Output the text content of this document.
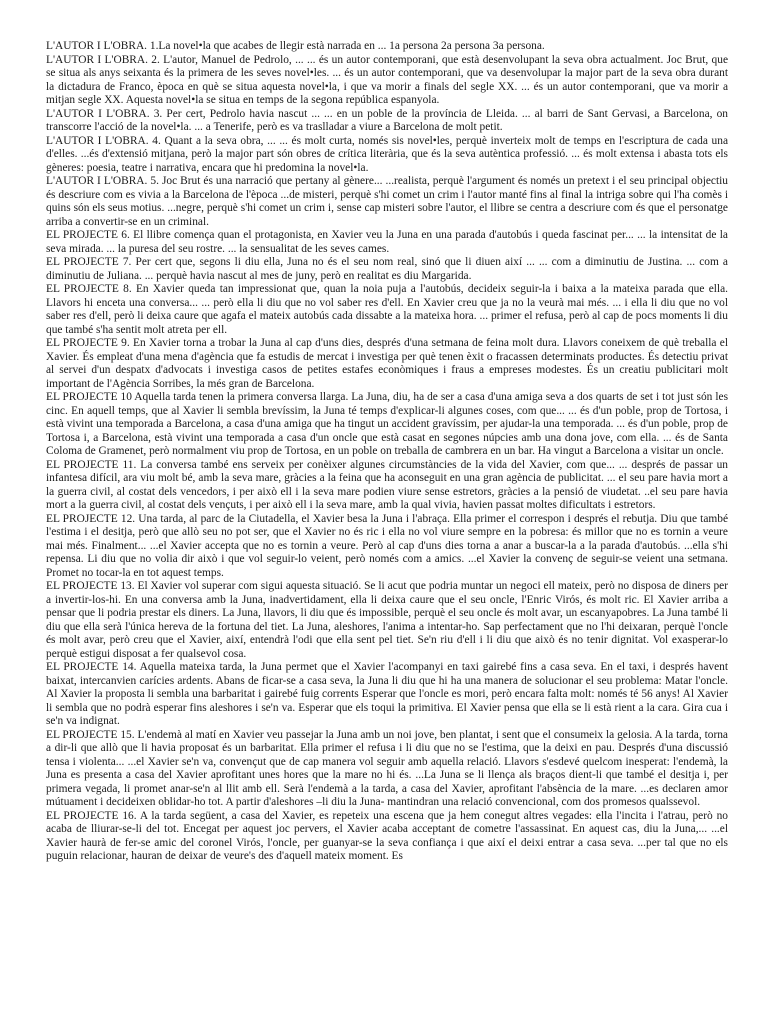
L'AUTOR I L'OBRA. 1.La novel•la que acabes de llegir està narrada en ... 1a persona 2a persona 3a persona.

L'AUTOR I L'OBRA. 2. L'autor, Manuel de Pedrolo, ... ... és un autor contemporani, que està desenvolupant la seva obra actualment. Joc Brut, que se situa als anys seixanta és la primera de les seves novel•les. ... és un autor contemporani, que va desenvolupar la major part de la seva obra durant la dictadura de Franco, època en què se situa aquesta novel•la, i que va morir a finals del segle XX. ... és un autor contemporani, que va morir a mitjan segle XX. Aquesta novel•la se situa en temps de la segona república espanyola.

L'AUTOR I L'OBRA. 3. Per cert, Pedrolo havia nascut ... ... en un poble de la província de Lleida. ... al barri de Sant Gervasi, a Barcelona, on transcorre l'acció de la novel•la. ... a Tenerife, però es va traslladar a viure a Barcelona de molt petit.

L'AUTOR I L'OBRA. 4. Quant a la seva obra, ... ... és molt curta, només sis novel•les, perquè inverteix molt de temps en l'escriptura de cada una d'elles. ...és d'extensió mitjana, però la major part són obres de crítica literària, que és la seva autèntica professió. ... és molt extensa i abasta tots els gèneres: poesia, teatre i narrativa, encara que hi predomina la novel•la.

L'AUTOR I L'OBRA. 5. Joc Brut és una narració que pertany al gènere... ...realista, perquè l'argument és només un pretext i el seu principal objectiu és descriure com es vivia a la Barcelona de l'època ...de misteri, perquè s'hi comet un crim i l'autor manté fins al final la intriga sobre qui l'ha comès i quins són els seus motius. ...negre, perquè s'hi comet un crim i, sense cap misteri sobre l'autor, el llibre se centra a descriure com és que el personatge arriba a convertir-se en un criminal.

EL PROJECTE 6. El llibre comença quan el protagonista, en Xavier veu la Juna en una parada d'autobús i queda fascinat per... ... la intensitat de la seva mirada. ... la puresa del seu rostre. ... la sensualitat de les seves cames.

EL PROJECTE 7. Per cert que, segons li diu ella, Juna no és el seu nom real, sinó que li diuen així ... ... com a diminutiu de Justina. ... com a diminutiu de Juliana. ... perquè havia nascut al mes de juny, però en realitat es diu Margarida.

EL PROJECTE 8. En Xavier queda tan impressionat que, quan la noia puja a l'autobús, decideix seguir-la i baixa a la mateixa parada que ella. Llavors hi enceta una conversa... ... però ella li diu que no vol saber res d'ell. En Xavier creu que ja no la veurà mai més. ... i ella li diu que no vol saber res d'ell, però li deixa caure que agafa el mateix autobús cada dissabte a la mateixa hora. ... primer el refusa, però al cap de pocs moments li diu que també s'ha sentit molt atreta per ell.

EL PROJECTE 9. En Xavier torna a trobar la Juna al cap d'uns dies, després d'una setmana de feina molt dura. Llavors coneixem de què treballa el Xavier. És empleat d'una mena d'agència que fa estudis de mercat i investiga per què tenen èxit o fracassen determinats productes. És detectiu privat al servei d'un despatx d'advocats i investiga casos de petites estafes econòmiques i fraus a empreses modestes. És un creatiu publicitari molt important de l'Agència Sorribes, la més gran de Barcelona.

EL PROJECTE 10 Aquella tarda tenen la primera conversa llarga. La Juna, diu, ha de ser a casa d'una amiga seva a dos quarts de set i tot just són les cinc. En aquell temps, que al Xavier li sembla brevíssim, la Juna té temps d'explicar-li algunes coses, com que... ... és d'un poble, prop de Tortosa, i està vivint una temporada a Barcelona, a casa d'una amiga que ha tingut un accident gravíssim, per ajudar-la una temporada. ... és d'un poble, prop de Tortosa i, a Barcelona, està vivint una temporada a casa d'un oncle que està casat en segones núpcies amb una dona jove, com ella. ... és de Santa Coloma de Gramenet, però normalment viu prop de Tortosa, en un poble on treballa de cambrera en un bar. Ha vingut a Barcelona a visitar un oncle.

EL PROJECTE 11. La conversa també ens serveix per conèixer algunes circumstàncies de la vida del Xavier, com que... ... després de passar un infantesa difícil, ara viu molt bé, amb la seva mare, gràcies a la feina que ha aconseguit en una gran agència de publicitat. ... el seu pare havia mort a la guerra civil, al costat dels vencedors, i per això ell i la seva mare podien viure sense estretors, gràcies a la pensió de viudetat. ..el seu pare havia mort a la guerra civil, al costat dels vençuts, i per això ell i la seva mare, amb la qual vivia, havien passat moltes dificultats i estretors.

EL PROJECTE 12. Una tarda, al parc de la Ciutadella, el Xavier besa la Juna i l'abraça. Ella primer el correspon i després el rebutja. Diu que també l'estima i el desitja, però que allò seu no pot ser, que el Xavier no és ric i ella no vol viure sempre en la pobresa: és millor que no es tornin a veure mai més. Finalment... ...el Xavier accepta que no es tornin a veure. Però al cap d'uns dies torna a anar a buscar-la a la parada d'autobús. ...ella s'hi repensa. Li diu que no volia dir això i que vol seguir-lo veient, però només com a amics. ...el Xavier la convenç de seguir-se veient una setmana. Promet no tocar-la en tot aquest temps.

EL PROJECTE 13. El Xavier vol superar com sigui aquesta situació. Se li acut que podria muntar un negoci ell mateix, però no disposa de diners per a invertir-los-hi. En una conversa amb la Juna, inadvertidament, ella li deixa caure que el seu oncle, l'Enric Virós, és molt ric. El Xavier arriba a pensar que li podria prestar els diners. La Juna, llavors, li diu que és impossible, perquè el seu oncle és molt avar, un escanyapobres. La Juna també li diu que ella serà l'única hereva de la fortuna del tiet. La Juna, aleshores, l'anima a intentar-ho. Sap perfectament que no l'hi deixaran, perquè l'oncle és molt avar, però creu que el Xavier, així, entendrà l'odi que ella sent pel tiet. Se'n riu d'ell i li diu que això és no tenir dignitat. Vol exasperar-lo perquè estigui disposat a fer qualsevol cosa.

EL PROJECTE 14. Aquella mateixa tarda, la Juna permet que el Xavier l'acompanyi en taxi gairebé fins a casa seva. En el taxi, i després havent baixat, intercanvien carícies ardents. Abans de ficar-se a casa seva, la Juna li diu que hi ha una manera de solucionar el seu problema: Matar l'oncle. Al Xavier la proposta li sembla una barbaritat i gairebé fuig corrents Esperar que l'oncle es mori, però encara falta molt: només té 56 anys! Al Xavier li sembla que no podrà esperar fins aleshores i se'n va. Esperar que els toqui la primitiva. El Xavier pensa que ella se li està rient a la cara. Gira cua i se'n va indignat.

EL PROJECTE 15. L'endemà al matí en Xavier veu passejar la Juna amb un noi jove, ben plantat, i sent que el consumeix la gelosia. A la tarda, torna a dir-li que allò que li havia proposat és un barbaritat. Ella primer el refusa i li diu que no se l'estima, que la deixi en pau. Després d'una discussió tensa i violenta... ...el Xavier se'n va, convençut que de cap manera vol seguir amb aquella relació. Llavors s'esdevé quelcom inesperat: l'endemà, la Juna es presenta a casa del Xavier aprofitant unes hores que la mare no hi és. ...La Juna se li llença als braços dient-li que també el desitja i, per primera vegada, li promet anar-se'n al llit amb ell. Serà l'endemà a la tarda, a casa del Xavier, aprofitant l'absència de la mare. ...es declaren amor mútuament i decideixen oblidar-ho tot. A partir d'aleshores –li diu la Juna- mantindran una relació convencional, com dos promesos qualssevol.

EL PROJECTE 16. A la tarda següent, a casa del Xavier, es repeteix una escena que ja hem conegut altres vegades: ella l'incita i l'atrau, però no acaba de lliurar-se-li del tot. Encegat per aquest joc pervers, el Xavier acaba acceptant de cometre l'assassinat. En aquest cas, diu la Juna,... ...el Xavier haurà de fer-se amic del coronel Virós, l'oncle, per guanyar-se la seva confiança i que així el deixi entrar a casa seva. ...per tal que no els puguin relacionar, hauran de deixar de veure's des d'aquell mateix moment. Es
